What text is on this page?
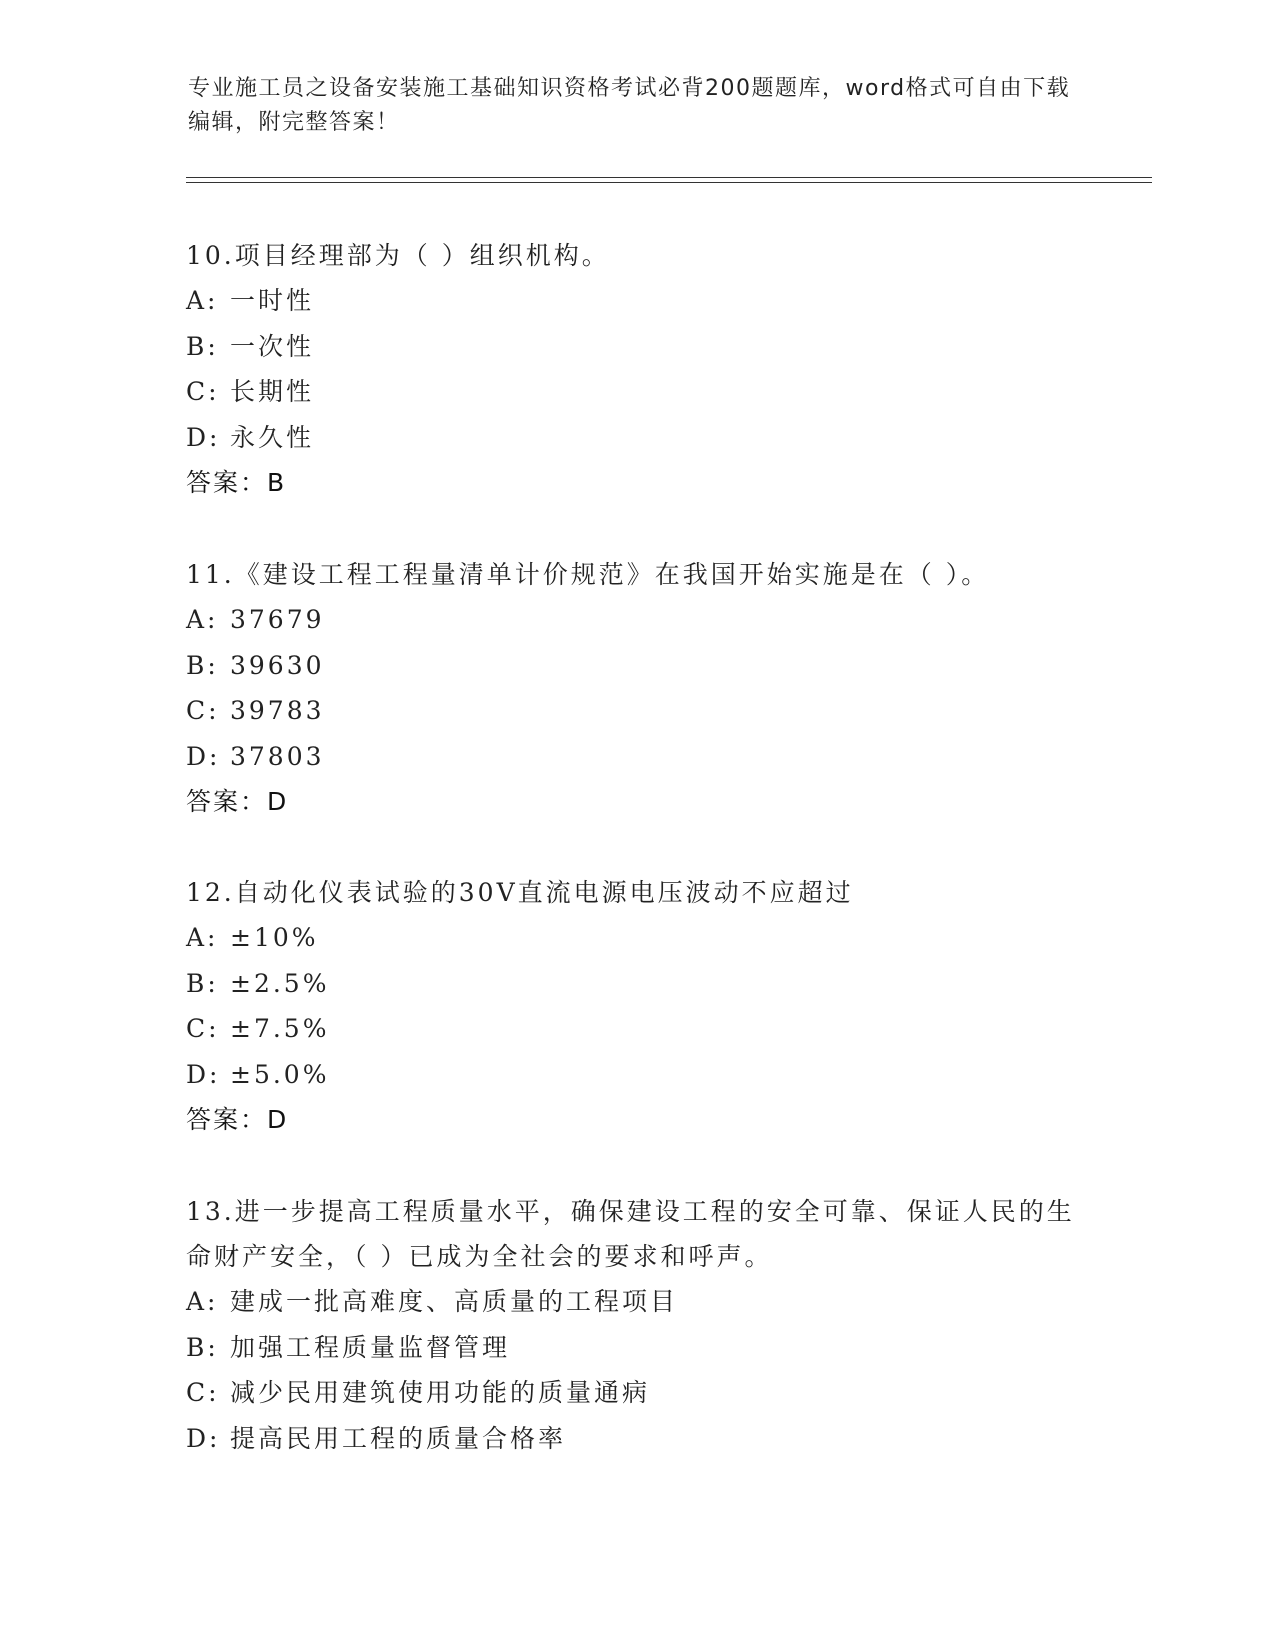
专业施工员之设备安装施工基础知识资格考试必背200题题库，word格式可自由下载编辑，附完整答案！

10.项目经理部为（ ）组织机构。

A: 一时性
B: 一次性
C: 长期性
D: 永久性
答案：B

11.《建设工程工程量清单计价规范》在我国开始实施是在（ ）。

A: 37679
B: 39630
C: 39783
D: 37803
答案：D

12.自动化仪表试验的30V直流电源电压波动不应超过

A: ±10%
B: ±2.5%
C: ±7.5%
D: ±5.0%
答案：D

13.进一步提高工程质量水平，确保建设工程的安全可靠、保证人民的生命财产安全，（ ）已成为全社会的要求和呼声。

A: 建成一批高难度、高质量的工程项目
B: 加强工程质量监督管理
C: 减少民用建筑使用功能的质量通病
D: 提高民用工程的质量合格率
